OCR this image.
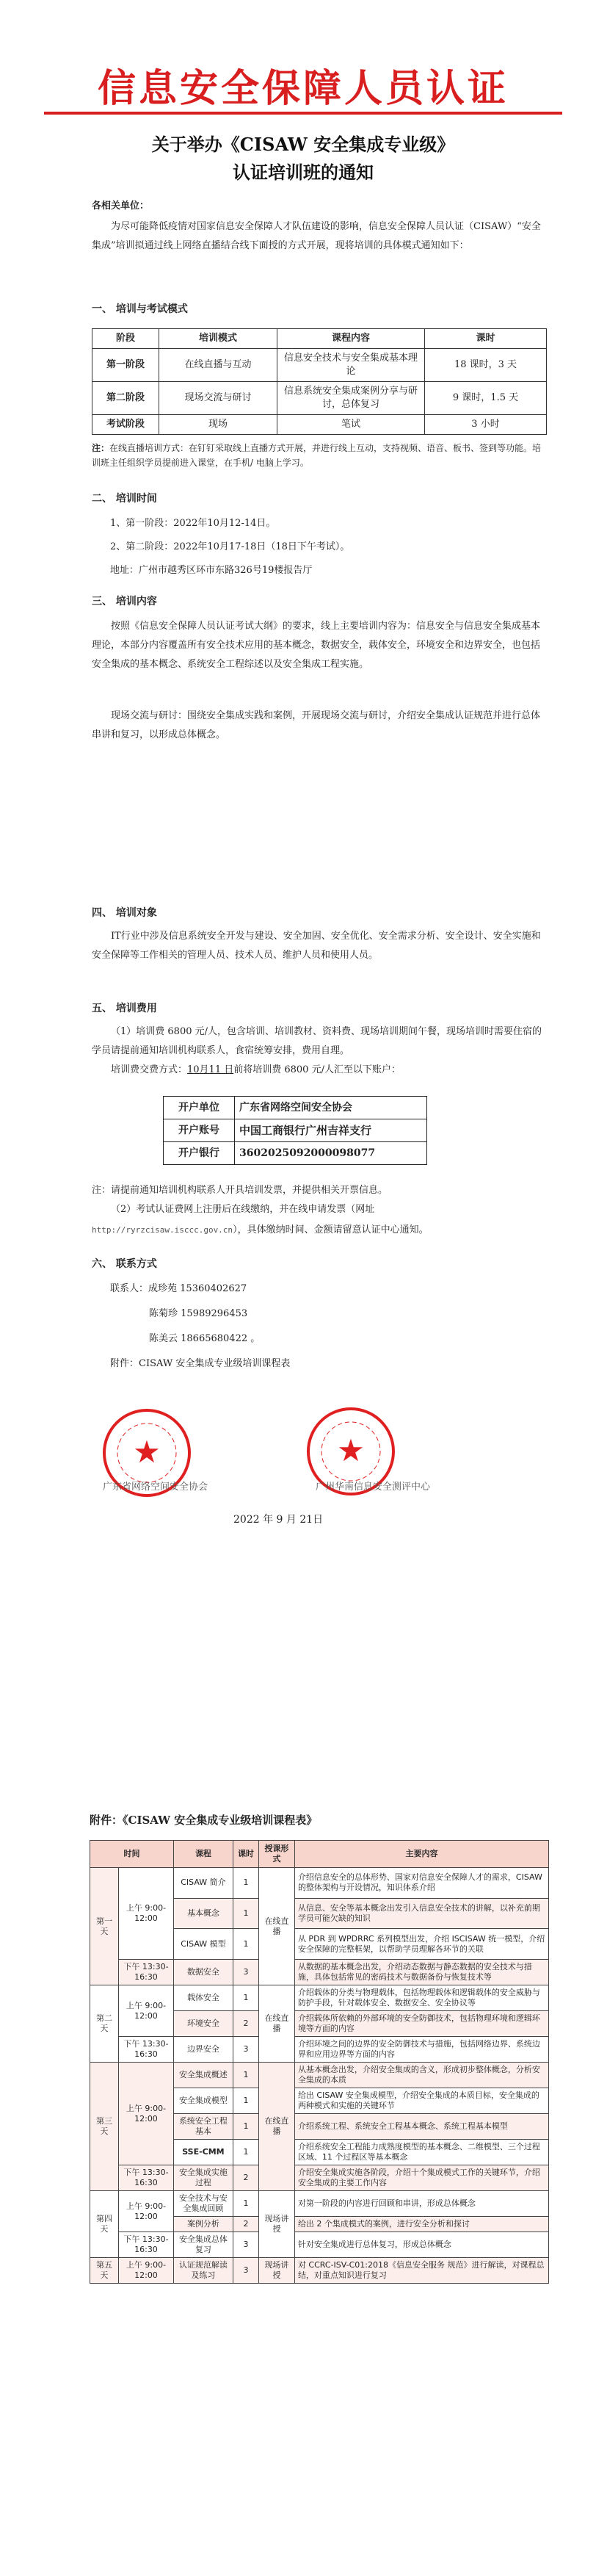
信息安全保障人员认证
关于举办《CISAW 安全集成专业级》
认证培训班的通知
各相关单位：
为尽可能降低疫情对国家信息安全保障人才队伍建设的影响，信息安全保障人员认证（CISAW）“安全集成”培训拟通过线上网络直播结合线下面授的方式开展，现将培训的具体模式通知如下：
一、 培训与考试模式
阶段	培训模式	课程内容	课时
第一阶段	在线直播与互动	信息安全技术与安全集成基本理论	18 课时，3 天
第二阶段	现场交流与研讨	信息系统安全集成案例分享与研讨，总体复习	9 课时，1.5 天
考试阶段	现场	笔试	3 小时
注：在线直播培训方式：在钉钉采取线上直播方式开展，并进行线上互动，支持视频、语音、板书、签到等功能。培训班主任组织学员提前进入课堂，在手机/ 电脑上学习。
二、 培训时间
1、第一阶段：2022年10月12-14日。
2、第二阶段：2022年10月17-18日（18日下午考试）。
地址：广州市越秀区环市东路326号19楼报告厅
三、 培训内容
按照《信息安全保障人员认证考试大纲》的要求，线上主要培训内容为：信息安全与信息安全集成基本理论，本部分内容覆盖所有安全技术应用的基本概念，数据安全，载体安全，环境安全和边界安全，也包括安全集成的基本概念、系统安全工程综述以及安全集成工程实施。
现场交流与研讨：围绕安全集成实践和案例，开展现场交流与研讨，介绍安全集成认证规范并进行总体串讲和复习，以形成总体概念。
四、 培训对象
IT行业中涉及信息系统安全开发与建设、安全加固、安全优化、安全需求分析、安全设计、安全实施和安全保障等工作相关的管理人员、技术人员、维护人员和使用人员。
五、 培训费用
（1）培训费 6800 元/人，包含培训、培训教材、资料费、现场培训期间午餐，现场培训时需要住宿的学员请提前通知培训机构联系人，食宿统筹安排，费用自理。
培训费交费方式：10月11 日前将培训费 6800 元/人汇至以下账户：
开户单位	广东省网络空间安全协会
开户账号	中国工商银行广州吉祥支行
开户银行	3602025092000098077
注：请提前通知培训机构联系人开具培训发票，并提供相关开票信息。
（2）考试认证费网上注册后在线缴纳，并在线申请发票（网址
http://ryrzcisaw.isccc.gov.cn），具体缴纳时间、金额请留意认证中心通知。
六、 联系方式
联系人：成珍苑 15360402627
陈菊珍 15989296453
陈美云 18665680422 。
附件：CISAW 安全集成专业级培训课程表
★	★
广东省网络空间安全协会	广州华南信息安全测评中心
2022 年 9 月 21日
附件：《CISAW 安全集成专业级培训课程表》
时间		课程	课时	授课形式	主要内容
第一天	上午 9:00-12:00	CISAW 简介	1	在线直播	介绍信息安全的总体形势、国家对信息安全保障人才的需求，CISAW 的整体架构与开设情况，知识体系介绍
		基本概念	1		从信息、安全等基本概念出发引入信息安全技术的讲解，以补充前期学员可能欠缺的知识
		CISAW 模型	1		从 PDR 到 WPDRRC 系列模型出发，介绍 ISCISAW 统一模型，介绍安全保障的完整框架，以帮助学员理解各环节的关联
	下午 13:30-16:30	数据安全	3		从数据的基本概念出发，介绍动态数据与静态数据的安全技术与措施，具体包括常见的密码技术与数据备份与恢复技术等
第二天	上午 9:00-12:00	载体安全	1	在线直播	介绍载体的分类与物理载体，包括物理载体和逻辑载体的安全威胁与防护手段，针对载体安全、数据安全、安全协议等
		环境安全	2		介绍载体所依赖的外部环境的安全防御技术，包括物理环境和逻辑环境等方面的内容
	下午 13:30-16:30	边界安全	3		介绍环境之间的边界的安全防御技术与措施，包括网络边界、系统边界和应用边界等方面的内容
第三天	上午 9:00-12:00	安全集成概述	1	在线直播	从基本概念出发，介绍安全集成的含义，形成初步整体概念，分析安全集成的本质
		安全集成模型	1		给出 CISAW 安全集成模型，介绍安全集成的本质目标，安全集成的两种模式和实施的关键环节
		系统安全工程基本	1		介绍系统工程、系统安全工程基本概念、系统工程基本模型
		SSE-CMM	1		介绍系统安全工程能力成熟度模型的基本概念、二维模型、三个过程区域、11 个过程区等基本概念
	下午 13:30-16:30	安全集成实施过程	2		介绍安全集成实施各阶段，介绍十个集成模式工作的关键环节，介绍安全集成的主要工作内容
第四天	上午 9:00-12:00	安全技术与安全集成回顾	1	现场讲授	对第一阶段的内容进行回顾和串讲，形成总体概念
		案例分析	2		给出 2 个集成模式的案例，进行安全分析和探讨
	下午 13:30-16:30	安全集成总体复习	3		针对安全集成进行总体复习，形成总体概念
第五天	上午 9:00-12:00	认证规范解读及练习	3	现场讲授	对 CCRC-ISV-C01:2018《信息安全服务 规范》进行解读，对课程总结，对重点知识进行复习
